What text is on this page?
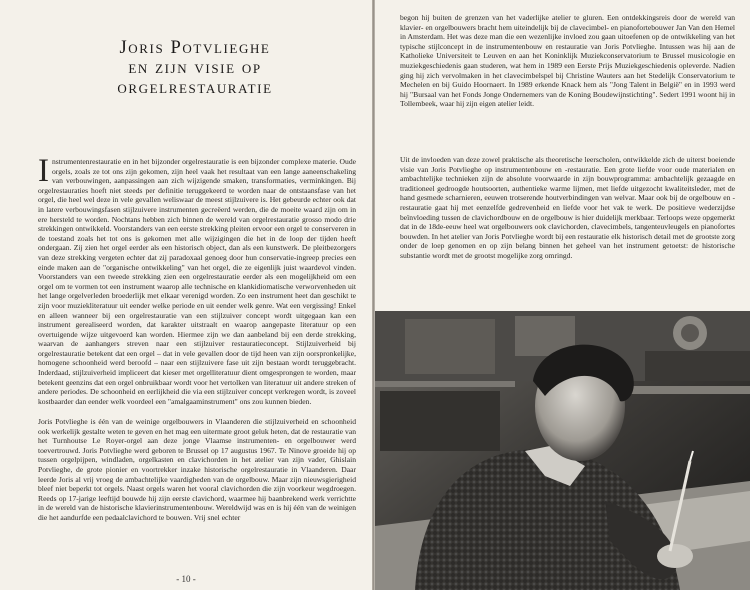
Joris Potvlieghe
en zijn visie op
orgelrestauratie
Instrumentenrestauratie en in het bijzonder orgelrestauratie is een bijzonder complexe materie. Oude orgels, zoals ze tot ons zijn gekomen, zijn heel vaak het resultaat van een lange aaneenschakeling van verbouwingen, aanpassingen aan zich wijzigende smaken, transformaties, verminkingen. Bij orgelrestauraties hoeft niet steeds per definitie teruggekeerd te worden naar de ontstaansfase van het orgel, die heel wel deze in vele gevallen weliswaar de meest stijlzuivere is. Het gebeurde echter ook dat in latere verbouwingsfasen stijlzuivere instrumenten gecreëerd werden, die de moeite waard zijn om in ere hersteld te worden. Nochtans hebben zich binnen de wereld van orgelrestauratie grosso modo drie strekkingen ontwikkeld. Voorstanders van een eerste strekking pleiten ervoor een orgel te conserveren in de toestand zoals het tot ons is gekomen met alle wijzigingen die het in de loop der tijden heeft ondergaan. Zij zien het orgel eerder als een historisch object, dan als een kunstwerk. De pleitbezorgers van deze strekking vergeten echter dat zij paradoxaal genoeg door hun conservatie-ingreep precies een einde maken aan de "organische ontwikkeling" van het orgel, die ze eigenlijk juist waardevol vinden. Voorstanders van een tweede strekking zien een orgelrestauratie eerder als een mogelijkheid om een orgel om te vormen tot een instrument waarop alle technische en klankidiomatische verworvenheden uit het lange orgelverleden broederlijk met elkaar verenigd worden. Zo een instrument heet dan geschikt te zijn voor muziekliteratuur uit eender welke periode en uit eender welk genre. Wat een vergissing! Enkel en alleen wanneer bij een orgelrestauratie van een stijlzuiver concept wordt uitgegaan kan een instrument gerealiseerd worden, dat karakter uitstraalt en waarop aangepaste literatuur op een overtuigende wijze uitgevoerd kan worden. Hiermee zijn we dan aanbeland bij een derde strekking, waarvan de aanhangers streven naar een stijlzuiver restauratieconcept. Stijlzuiverheid bij orgelrestauratie betekent dat een orgel – dat in vele gevallen door de tijd heen van zijn oorspronkelijke, homogene schoonheid werd beroofd – naar een stijlzuivere fase uit zijn bestaan wordt teruggebracht. Inderdaad, stijlzuiverheid impliceert dat kieser met orgelliteratuur dient omgesprongen te worden, maar betekent geenzins dat een orgel onbruikbaar wordt voor het vertolken van literatuur uit andere streken of andere periodes. De schoonheid en eerlijkheid die via een stijlzuiver concept verkregen wordt, is zoveel kostbaarder dan eender welk voordeel een "amalgaaminstrument" ons zou kunnen bieden.
Joris Potvlieghe is één van de weinige orgelbouwers in Vlaanderen die stijlzuiverheid en schoonheid ook werkelijk gestalte weten te geven en het mag een uitermate groot geluk heten, dat de restauratie van het Turnhoutse Le Royer-orgel aan deze jonge Vlaamse instrumenten- en orgelbouwer werd toevertrouwd. Joris Potvlieghe werd geboren te Brussel op 17 augustus 1967. Te Ninove groeide hij op tussen orgelpijpen, windladen, orgelkasten en clavichorden in het atelier van zijn vader, Ghislain Potvlieghe, de grote pionier en voortrekker inzake historische orgelrestauratie in Vlaanderen. Daar leerde Joris al vrij vroeg de ambachtelijke vaardigheden van de orgelbouw. Maar zijn nieuwsgierigheid bleef niet beperkt tot orgels. Naast orgels waren het vooral clavichorden die zijn voorkeur wegdroegen. Reeds op 17-jarige leeftijd bouwde hij zijn eerste clavichord, waarmee hij baanbrekend werk verrichtte in de wereld van de historische klavierinstrumentenbouw. Wereldwijd was en is hij één van de weinigen die het aandurfde een pedaalclavichord te bouwen. Vrij snel echter
- 10 -
begon hij buiten de grenzen van het vaderlijke atelier te gluren. Een ontdekkingsreis door de wereld van klavier- en orgelbouwers bracht hem uiteindelijk bij de clavecimbel- en pianofortebouwer Jan Van den Hemel in Amsterdam. Het was deze man die een wezenlijke invloed zou gaan uitoefenen op de ontwikkeling van het typische stijlconcept in de instrumentenbouw en restauratie van Joris Potvlieghe. Intussen was hij aan de Katholieke Universiteit te Leuven en aan het Koninklijk Muziekconservatorium te Brussel musicologie en muziekgeschiedenis gaan studeren, wat hem in 1989 een Eerste Prijs Muziekgeschiedenis opleverde. Nadien ging hij zich vervolmaken in het clavecimbelspel bij Christine Wauters aan het Stedelijk Conservatorium te Mechelen en bij Guido Hoornaert. In 1989 erkende Knack hem als "Jong Talent in België" en in 1993 werd hij "Bursaal van het Fonds Jonge Ondernemers van de Koning Boudewijnstichting". Sedert 1991 woont hij in Tollembeek, waar hij zijn eigen atelier leidt.
Uit de invloeden van deze zowel praktische als theoretische leerscholen, ontwikkelde zich de uiterst boeiende visie van Joris Potvlieghe op instrumentenbouw en -restauratie. Een grote liefde voor oude materialen en ambachtelijke technieken zijn de absolute voorwaarde in zijn bouwprogramma: ambachtelijk gezaagde en traditioneel gedroogde houtsoorten, authentieke warme lijmen, met liefde uitgezocht kwaliteitsleder, met de hand gesmede scharnieren, eeuwen trotserende houtverbindingen van welvar. Maar ook bij de orgelbouw en -restauratie gaat hij met eenzelfde gedrevenheid en liefde voor het vak te werk. De positieve wederzijdse beïnvloeding tussen de clavichordbouw en de orgelbouw is hier duidelijk merkbaar. Terloops weze opgemerkt dat in de 18de-eeuw heel wat orgelbouwers ook clavichorden, clavecimbels, tangenteuvleugels en pianofortes bouwden. In het atelier van Joris Potvlieghe wordt bij een restauratie elk historisch detail met de grootste zorg onder de loep genomen en op zijn belang binnen het geheel van het instrument getoetst: de historische substantie wordt met de grootst mogelijke zorg omringd.
